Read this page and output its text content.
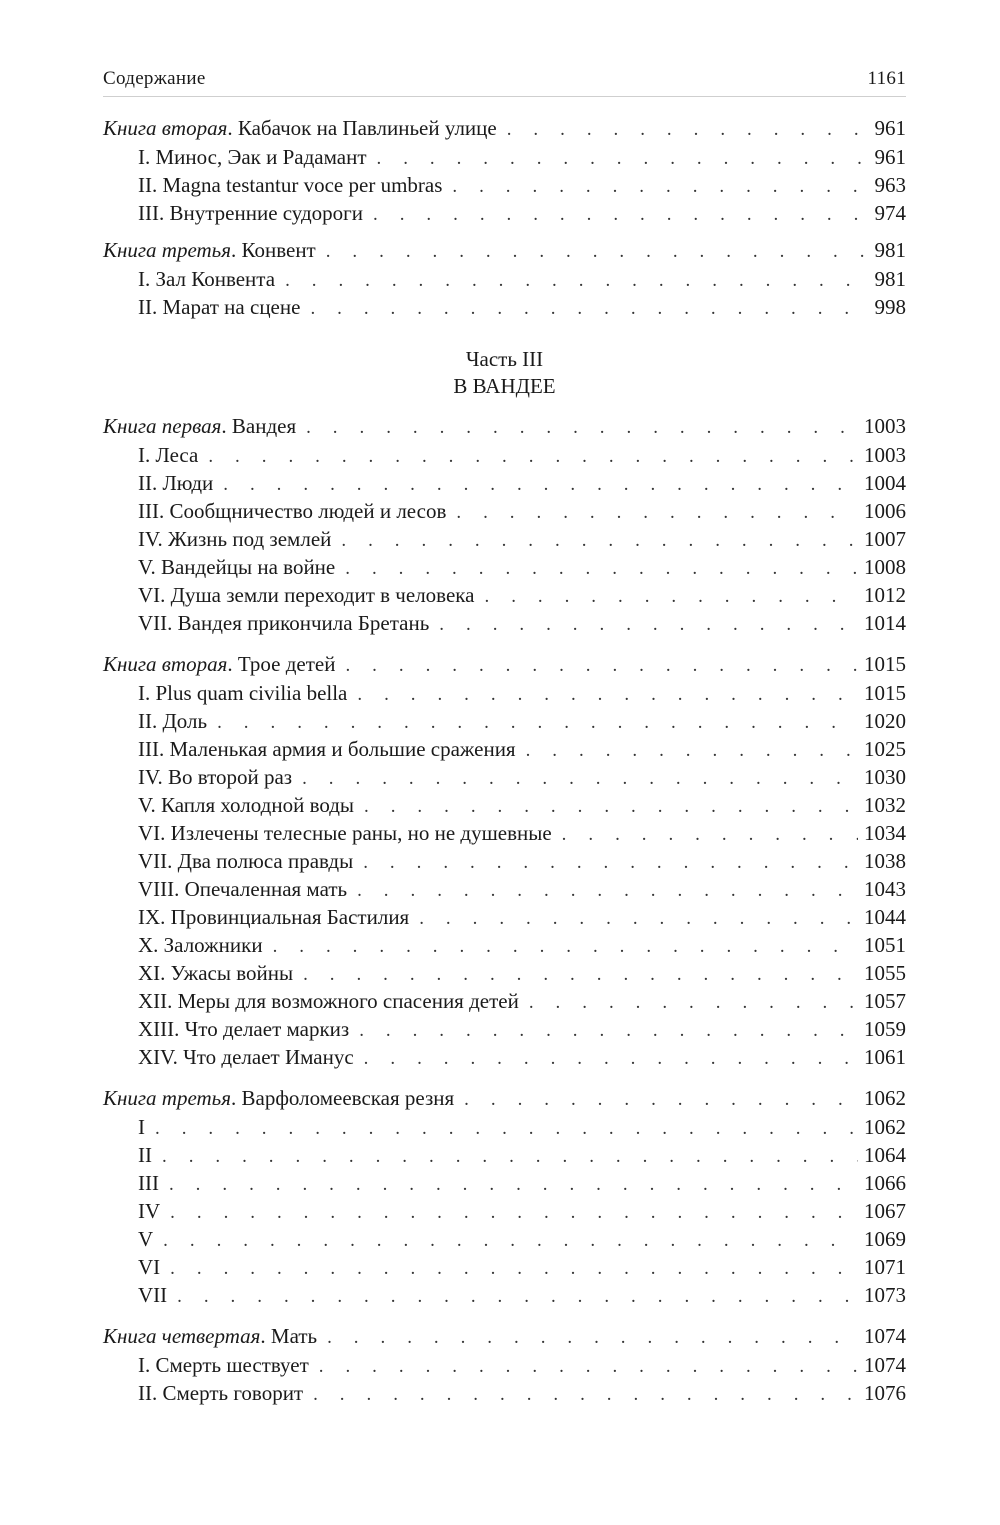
Содержание	1161
Книга вторая. Кабачок на Павлиньей улице . . .	961
I. Минос, Эак и Радамант . . .	961
II. Magna testantur voce per umbras . . .	963
III. Внутренние судороги . . .	974
Книга третья. Конвент . . .	981
I. Зал Конвента . . .	981
II. Марат на сцене . . .	998
Часть III
В ВАНДЕЕ
Книга первая. Вандея . . .	1003
I. Леса . . .	1003
II. Люди . . .	1004
III. Сообщничество людей и лесов . . .	1006
IV. Жизнь под землей . . .	1007
V. Вандейцы на войне . . .	1008
VI. Душа земли переходит в человека . . .	1012
VII. Вандея прикончила Бретань . . .	1014
Книга вторая. Трое детей . . .	1015
I. Plus quam civilia bella . . .	1015
II. Доль . . .	1020
III. Маленькая армия и большие сражения . . .	1025
IV. Во второй раз . . .	1030
V. Капля холодной воды . . .	1032
VI. Излечены телесные раны, но не душевные . . .	1034
VII. Два полюса правды . . .	1038
VIII. Опечаленная мать . . .	1043
IX. Провинциальная Бастилия . . .	1044
X. Заложники . . .	1051
XI. Ужасы войны . . .	1055
XII. Меры для возможного спасения детей . . .	1057
XIII. Что делает маркиз . . .	1059
XIV. Что делает Иманус . . .	1061
Книга третья. Варфоломеевская резня . . .	1062
I . . .	1062
II . . .	1064
III . . .	1066
IV . . .	1067
V . . .	1069
VI . . .	1071
VII . . .	1073
Книга четвертая. Мать . . .	1074
I. Смерть шествует . . .	1074
II. Смерть говорит . . .	1076
